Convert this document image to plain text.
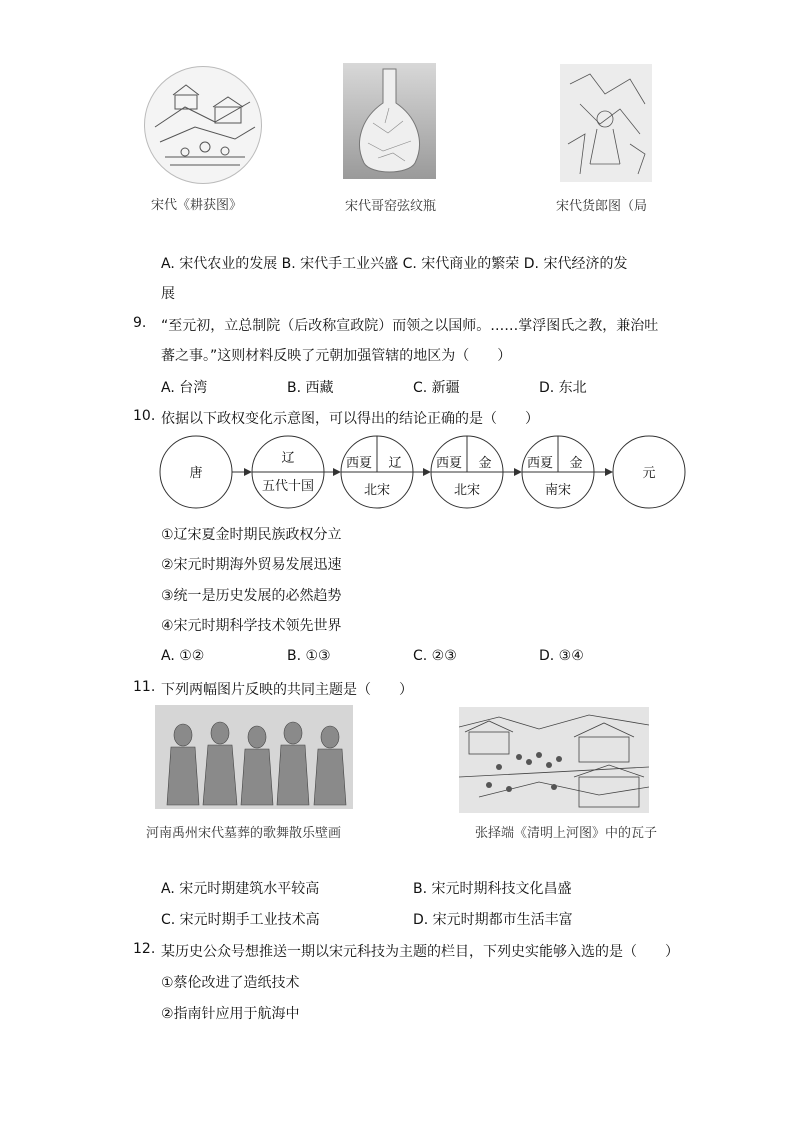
宋代《耕获图》	宋代哥窑弦纹瓶	宋代货郎图（局
A. 宋代农业的发展 B. 宋代手工业兴盛 C. 宋代商业的繁荣 D. 宋代经济的发
展
9. “至元初，立总制院（后改称宣政院）而领之以国师。……掌浮图氏之教，兼治吐
蕃之事。”这则材料反映了元朝加强管辖的地区为（　　）
A. 台湾	B. 西藏	C. 新疆	D. 东北
10. 依据以下政权变化示意图，可以得出的结论正确的是（　　）
唐
辽
五代十国
西夏 辽
北宋
西夏 金
北宋
西夏 金
南宋
元
①辽宋夏金时期民族政权分立
②宋元时期海外贸易发展迅速
③统一是历史发展的必然趋势
④宋元时期科学技术领先世界
A. ①②	B. ①③	C. ②③	D. ③④
11. 下列两幅图片反映的共同主题是（　　）
河南禹州宋代墓葬的歌舞散乐壁画	张择端《清明上河图》中的瓦子
A. 宋元时期建筑水平较高	B. 宋元时期科技文化昌盛
C. 宋元时期手工业技术高	D. 宋元时期都市生活丰富
12. 某历史公众号想推送一期以宋元科技为主题的栏目，下列史实能够入选的是（　　）
①蔡伦改进了造纸技术
②指南针应用于航海中
